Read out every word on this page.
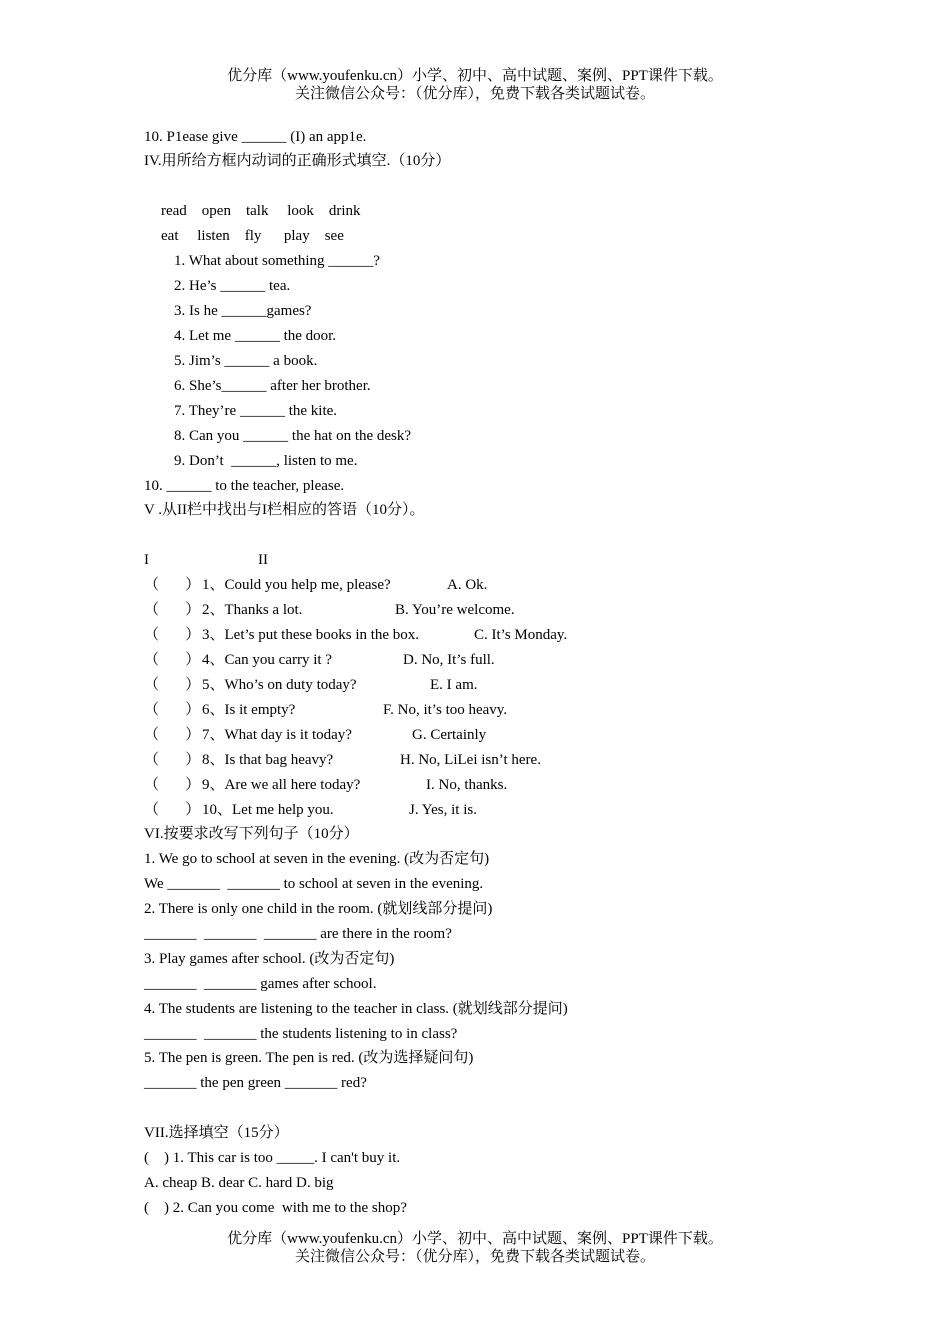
优分库（www.youfenku.cn）小学、初中、高中试题、案例、PPT课件下载。
关注微信公众号：（优分库），免费下载各类试题试卷。
10. P1ease give ______ (I) an app1e.
IV.用所给方框内动词的正确形式填空.（10分）
read    open    talk     look    drink
eat     listen    fly      play    see
1. What about something ______?
2. He’s ______ tea.
3. Is he ______games?
4. Let me ______ the door.
5. Jim’s ______ a book.
6. She’s______ after her brother.
7. They’re ______ the kite.
8. Can you ______ the hat on the desk?
9. Don’t  ______, listen to me.
10. ______ to the teacher, please.
V .从II栏中找出与I栏相应的答语（10分）。
I	II
（       ） 1、Could you help me, please?	A. Ok.
（       ） 2、Thanks a lot.	B. You’re welcome.
（       ） 3、Let’s put these books in the box.	C. It’s Monday.
（       ） 4、Can you carry it ?	D. No, It’s full.
（       ） 5、Who’s on duty today?	E. I am.
（       ） 6、Is it empty?	F. No, it’s too heavy.
（       ） 7、What day is it today?	G. Certainly
（       ） 8、Is that bag heavy?	H. No, LiLei isn’t here.
（       ） 9、Are we all here today?	I. No, thanks.
（       ） 10、Let me help you.	J. Yes, it is.
VI.按要求改写下列句子（10分）
1. We go to school at seven in the evening. (改为否定句)
We _______  _______ to school at seven in the evening.
2. There is only one child in the room. (就划线部分提问)
_______  _______  _______ are there in the room?
3. Play games after school. (改为否定句)
_______  _______ games after school.
4. The students are listening to the teacher in class. (就划线部分提问)
_______  _______ the students listening to in class?
5. The pen is green. The pen is red. (改为选择疑问句)
_______ the pen green _______ red?
VII.选择填空（15分）
(    ) 1. This car is too _____. I can't buy it.
A. cheap B. dear C. hard D. big
(    ) 2. Can you come  with me to the shop?
优分库（www.youfenku.cn）小学、初中、高中试题、案例、PPT课件下载。
关注微信公众号：（优分库），免费下载各类试题试卷。
